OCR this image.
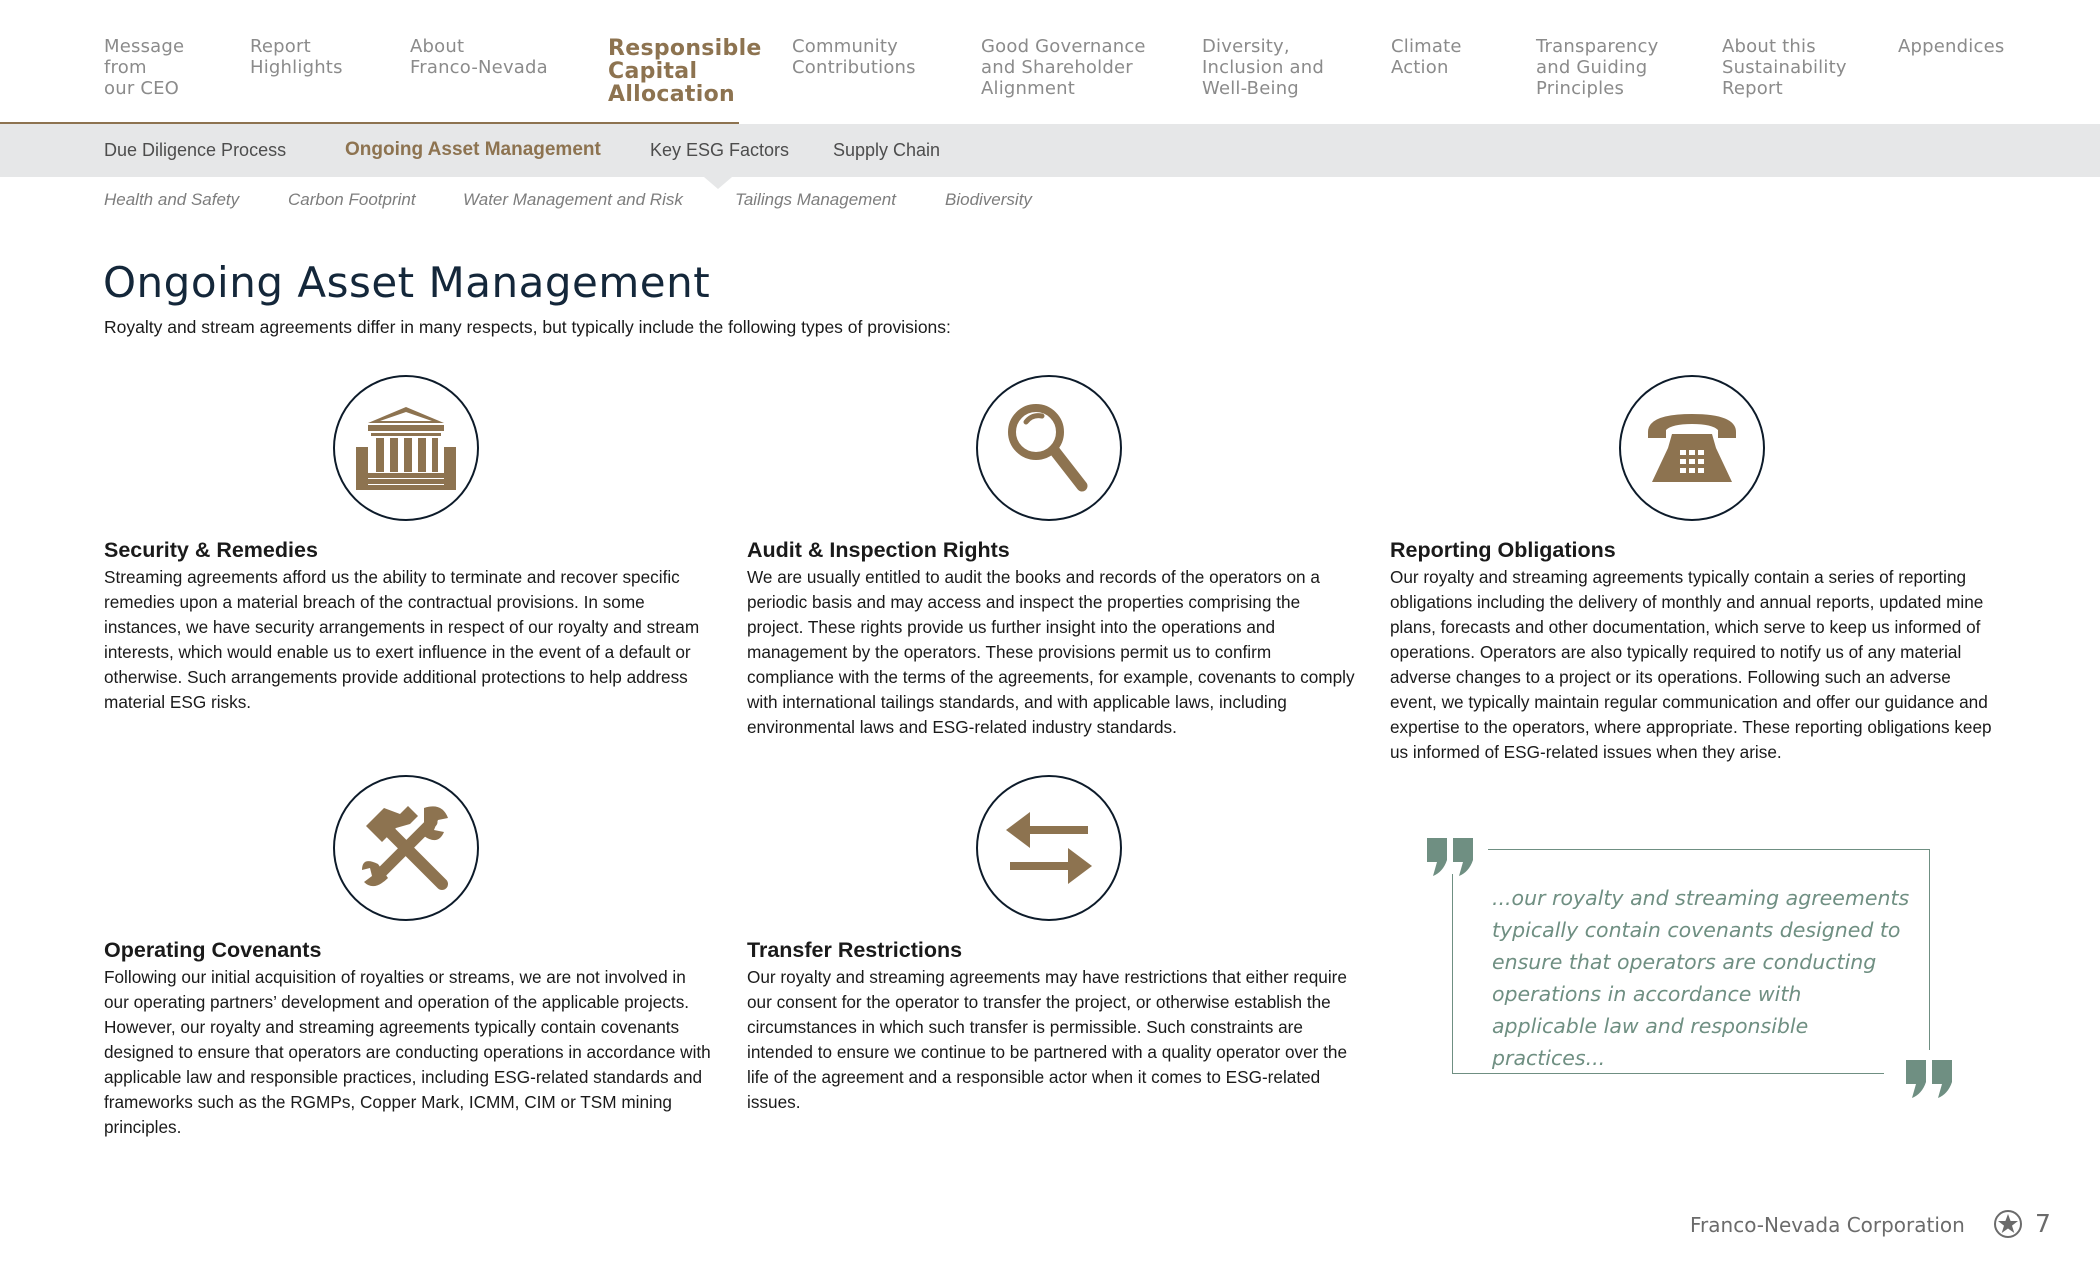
Message
from
our CEO
Report
Highlights
About
Franco-Nevada
Responsible
Capital
Allocation
Community
Contributions
Good Governance
and Shareholder
Alignment
Diversity,
Inclusion and
Well-Being
Climate
Action
Transparency
and Guiding
Principles
About this
Sustainability
Report
Appendices
Due Diligence Process	Ongoing Asset Management	Key ESG Factors Supply Chain
Health and Safety	Carbon Footprint	Water Management and Risk	Tailings Management	Biodiversity
Ongoing Asset Management
Royalty and stream agreements differ in many respects, but typically include the following types of provisions:
Security & Remedies

Streaming agreements afford us the ability to terminate and recover specific remedies upon a material breach of the contractual provisions. In some instances, we have security arrangements in respect of our royalty and stream interests, which would enable us to exert influence in the event of a default or otherwise. Such arrangements provide additional protections to help address material ESG risks.

Audit & Inspection Rights

We are usually entitled to audit the books and records of the operators on a periodic basis and may access and inspect the properties comprising the project. These rights provide us further insight into the operations and management by the operators. These provisions permit us to confirm compliance with the terms of the agreements, for example, covenants to comply with international tailings standards, and with applicable laws, including environmental laws and ESG-related industry standards.

Reporting Obligations

Our royalty and streaming agreements typically contain a series of reporting obligations including the delivery of monthly and annual reports, updated mine plans, forecasts and other documentation, which serve to keep us informed of operations. Operators are also typically required to notify us of any material adverse changes to a project or its operations. Following such an adverse event, we typically maintain regular communication and offer our guidance and expertise to the operators, where appropriate. These reporting obligations keep us informed of ESG-related issues when they arise.

Operating Covenants

Following our initial acquisition of royalties or streams, we are not involved in our operating partners’ development and operation of the applicable projects. However, our royalty and streaming agreements typically contain covenants designed to ensure that operators are conducting operations in accordance with applicable law and responsible practices, including ESG-related standards and frameworks such as the RGMPs, Copper Mark, ICMM, CIM or TSM mining principles.

Transfer Restrictions

Our royalty and streaming agreements may have restrictions that either require our consent for the operator to transfer the project, or otherwise establish the circumstances in which such transfer is permissible. Such constraints are intended to ensure we continue to be partnered with a quality operator over the life of the agreement and a responsible actor when it comes to ESG-related issues.

...our royalty and streaming agreements typically contain covenants designed to ensure that operators are conducting operations in accordance with applicable law and responsible practices...

Franco-Nevada Corporation	7
